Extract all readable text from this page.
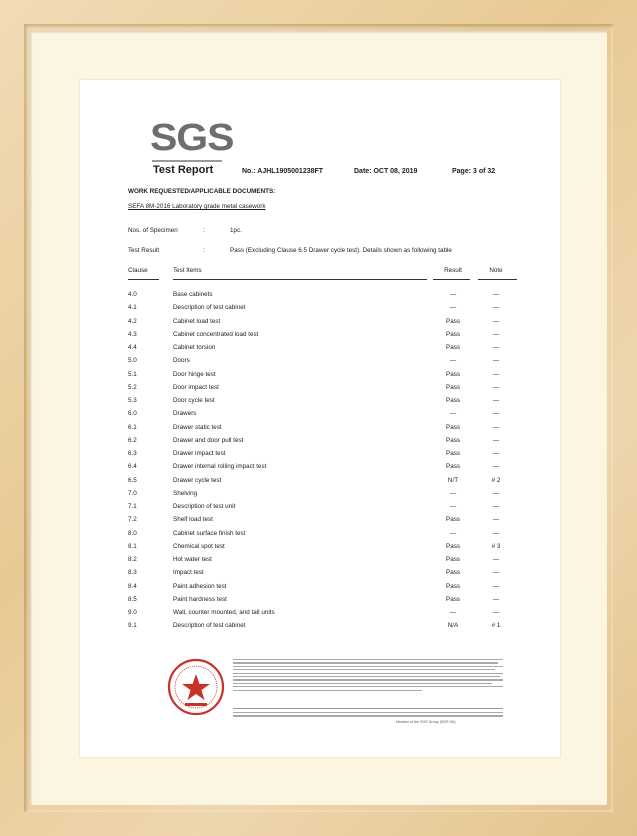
SGS
Test Report	No.: AJHL1905001238FT	Date: OCT 08, 2019	Page: 3 of 32
WORK REQUESTED/APPLICABLE DOCUMENTS:
SEFA 8M-2016 Laboratory grade metal casework
Nos. of Specimen	:	1pc.
Test Result	:	Pass (Excluding Clause 6.5 Drawer cycle test). Details shown as following table
Clause	Test Items	Result	Note
4.0	Base cabinets	—	—
4.1	Description of test cabinet	—	—
4.2	Cabinet load test	Pass	—
4.3	Cabinet concentrated load test	Pass	—
4.4	Cabinet torsion	Pass	—
5.0	Doors	—	—
5.1	Door hinge test	Pass	—
5.2	Door impact test	Pass	—
5.3	Door cycle test	Pass	—
6.0	Drawers	—	—
6.1	Drawer static test	Pass	—
6.2	Drawer and door pull test	Pass	—
6.3	Drawer impact test	Pass	—
6.4	Drawer internal rolling impact test	Pass	—
6.5	Drawer cycle test	N/T	# 2
7.0	Shelving	—	—
7.1	Description of test unit	—	—
7.2	Shelf load test	Pass	—
8.0	Cabinet surface finish test	—	—
8.1	Chemical spot test	Pass	# 3
8.2	Hot water test	Pass	—
8.3	Impact test	Pass	—
8.4	Paint adhesion test	Pass	—
8.5	Paint hardness test	Pass	—
9.0	Wall, counter mounted, and tall units	—	—
9.1	Description of test cabinet	N/A	# 1
Member of the SGS Group (SGS SA)
